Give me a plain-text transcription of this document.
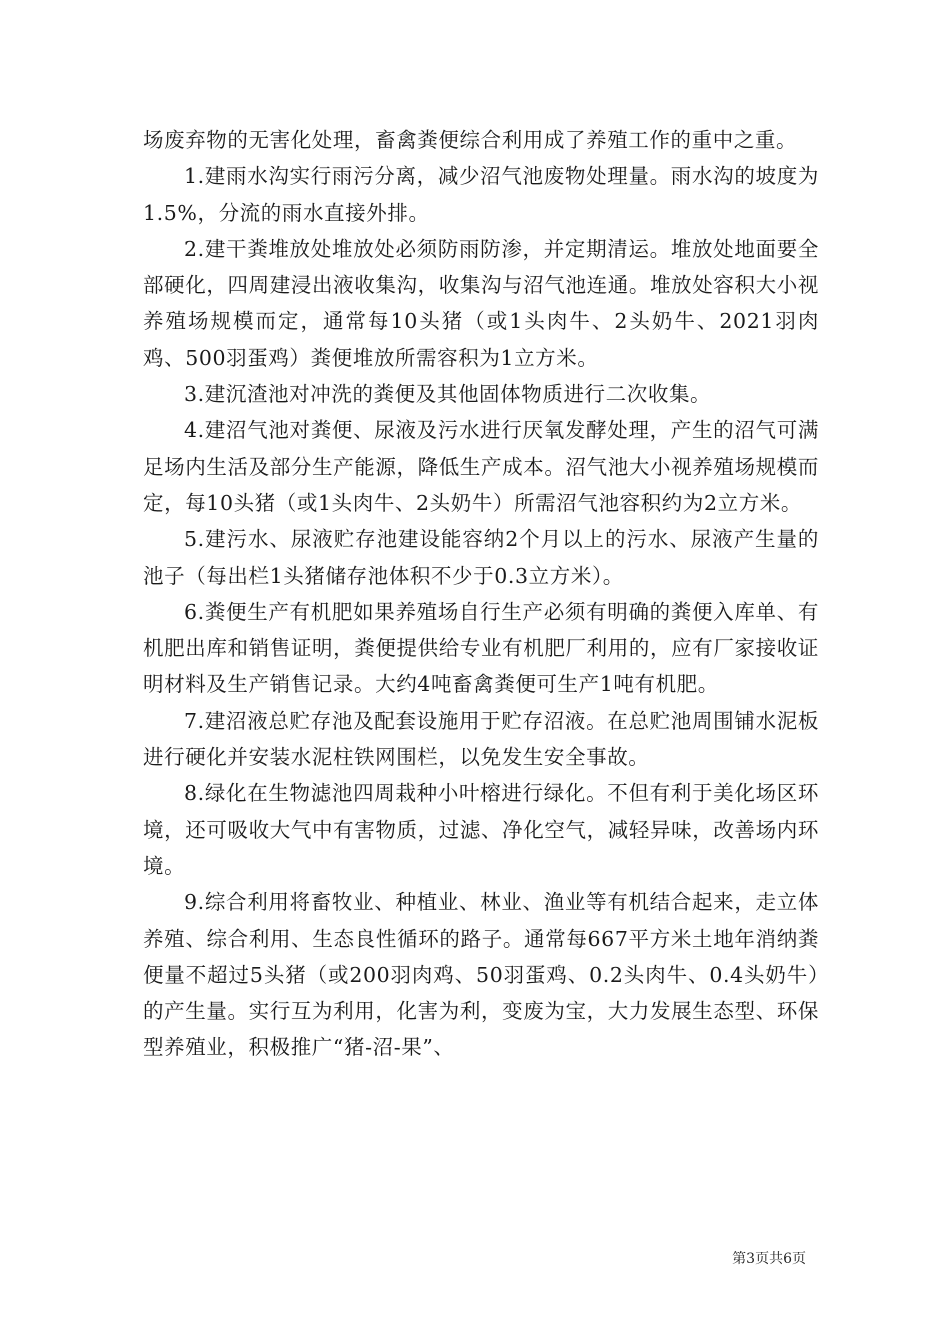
场废弃物的无害化处理，畜禽粪便综合利用成了养殖工作的重中之重。

1.建雨水沟实行雨污分离，减少沼气池废物处理量。雨水沟的坡度为1.5%，分流的雨水直接外排。

2.建干粪堆放处堆放处必须防雨防渗，并定期清运。堆放处地面要全部硬化，四周建浸出液收集沟，收集沟与沼气池连通。堆放处容积大小视养殖场规模而定，通常每10头猪（或1头肉牛、2头奶牛、2021羽肉鸡、500羽蛋鸡）粪便堆放所需容积为1立方米。

3.建沉渣池对冲洗的粪便及其他固体物质进行二次收集。

4.建沼气池对粪便、尿液及污水进行厌氧发酵处理，产生的沼气可满足场内生活及部分生产能源，降低生产成本。沼气池大小视养殖场规模而定，每10头猪（或1头肉牛、2头奶牛）所需沼气池容积约为2立方米。

5.建污水、尿液贮存池建设能容纳2个月以上的污水、尿液产生量的池子（每出栏1头猪储存池体积不少于0.3立方米）。

6.粪便生产有机肥如果养殖场自行生产必须有明确的粪便入库单、有机肥出库和销售证明，粪便提供给专业有机肥厂利用的，应有厂家接收证明材料及生产销售记录。大约4吨畜禽粪便可生产1吨有机肥。

7.建沼液总贮存池及配套设施用于贮存沼液。在总贮池周围铺水泥板进行硬化并安装水泥柱铁网围栏，以免发生安全事故。

8.绿化在生物滤池四周栽种小叶榕进行绿化。不但有利于美化场区环境，还可吸收大气中有害物质，过滤、净化空气，减轻异味，改善场内环境。

9.综合利用将畜牧业、种植业、林业、渔业等有机结合起来，走立体养殖、综合利用、生态良性循环的路子。通常每667平方米土地年消纳粪便量不超过5头猪（或200羽肉鸡、50羽蛋鸡、0.2头肉牛、0.4头奶牛）的产生量。实行互为利用，化害为利，变废为宝，大力发展生态型、环保型养殖业，积极推广“猪-沼-果”、

第3页共6页
